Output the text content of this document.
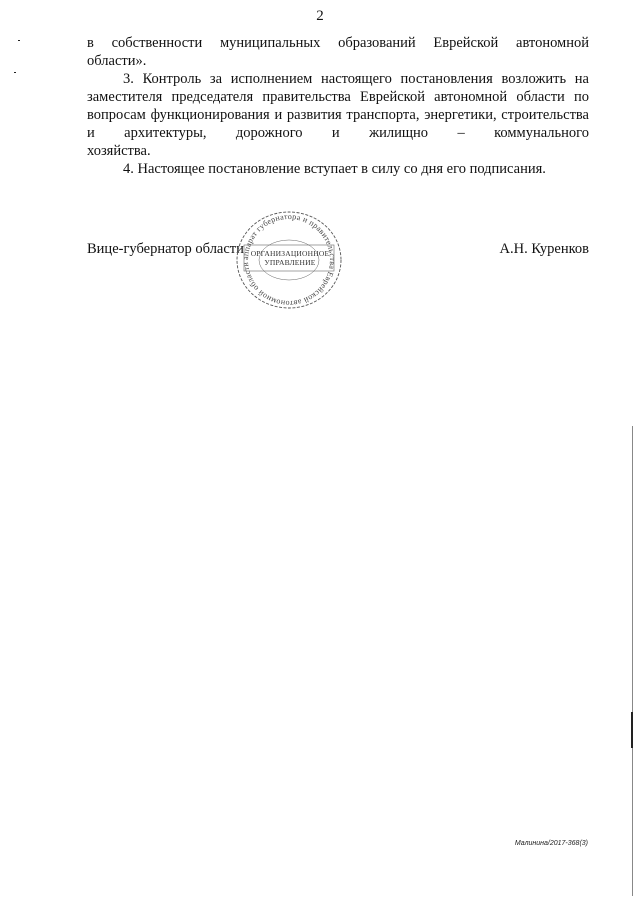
2

в собственности муниципальных образований Еврейской автономной

области».

3. Контроль за исполнением настоящего постановления возложить на заместителя председателя правительства Еврейской автономной области по вопросам функционирования и развития транспорта, энергетики, строительства и архитектуры, дорожного и жилищно – коммунального

хозяйства.

4. Настоящее постановление вступает в силу со дня его подписания.

Вице-губернатор области	А.Н. Куренков
аппарат губернатора и правительства Еврейской автономной области
ОРГАНИЗАЦИОННОЕ
УПРАВЛЕНИЕ
Малинина/2017-368(3)
